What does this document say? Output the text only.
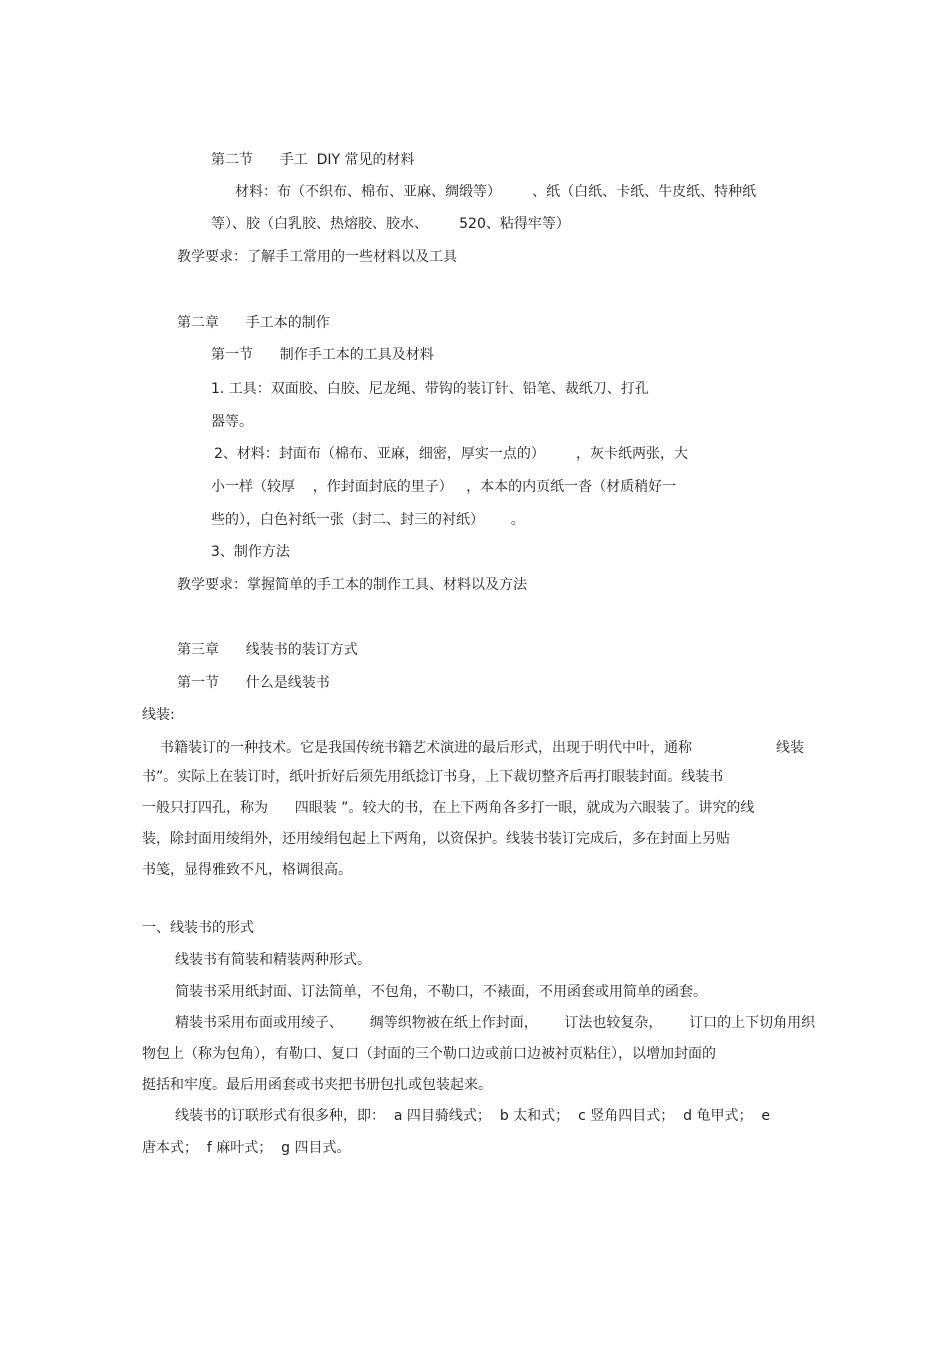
第二节      手工  DIY 常见的材料
材料：布（不织布、棉布、亚麻、绸缎等）       、纸（白纸、卡纸、牛皮纸、特种纸
等）、胶（白乳胶、热熔胶、胶水、       520、粘得牢等）
教学要求：了解手工常用的一些材料以及工具
第二章      手工本的制作
第一节      制作手工本的工具及材料
1. 工具：双面胶、白胶、尼龙绳、带钩的装订针、铅笔、裁纸刀、打孔
器等。
2、材料：封面布（棉布、亚麻，细密，厚实一点的）       ，灰卡纸两张，大
小一样（较厚    ，作封面封底的里子）   ，本本的内页纸一沓（材质稍好一
些的），白色衬纸一张（封二、封三的衬纸）      。
3、制作方法
教学要求：掌握简单的手工本的制作工具、材料以及方法
第三章      线装书的装订方式
第一节      什么是线装书
线装:
书籍装订的一种技术。它是我国传统书籍艺术演进的最后形式，出现于明代中叶，通称	线装
书”。实际上在装订时，纸叶折好后须先用纸捻订书身，上下裁切整齐后再打眼装封面。线装书
一般只打四孔，称为      四眼装 ”。较大的书，在上下两角各多打一眼，就成为六眼装了。讲究的线
装，除封面用绫绢外，还用绫绢包起上下两角，以资保护。线装书装订完成后，多在封面上另贴
书笺，显得雅致不凡，格调很高。
一、线装书的形式
线装书有简装和精装两种形式。
简装书采用纸封面、订法简单，不包角，不勒口，不裱面，不用函套或用简单的函套。
精装书采用布面或用绫子、      绸等织物被在纸上作封面，      订法也较复杂，      订口的上下切角用织
物包上（称为包角），有勒口、复口（封面的三个勒口边或前口边被衬页粘住），以增加封面的
挺括和牢度。最后用函套或书夹把书册包扎或包装起来。
线装书的订联形式有很多种，即：  a 四目骑线式；  b 太和式；  c 竖角四目式；  d 龟甲式；  e
唐本式；  f 麻叶式；  g 四目式。
